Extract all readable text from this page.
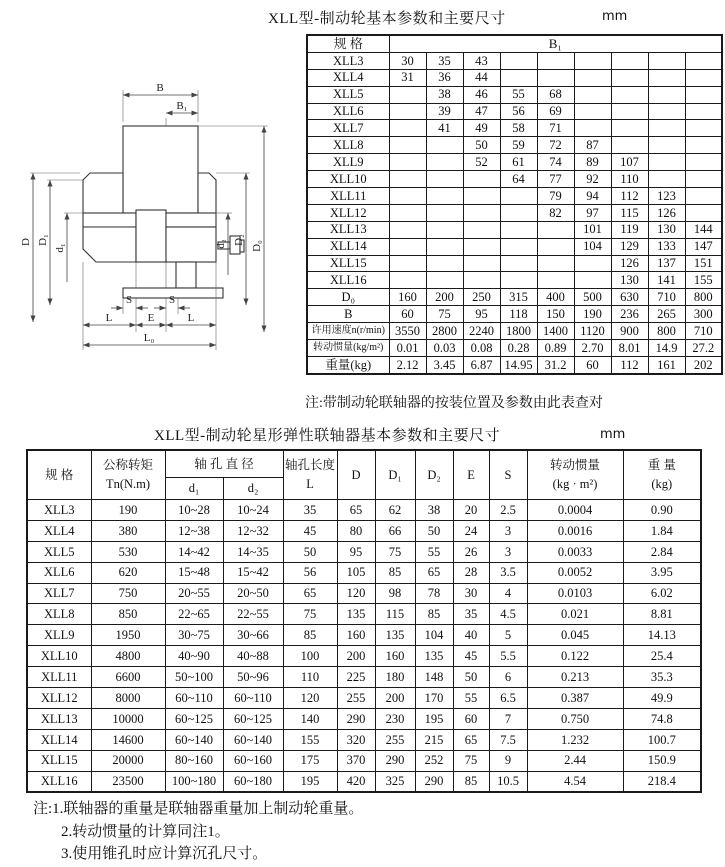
XLL型-制动轮基本参数和主要尺寸	mm
B
B₁
D D₁
d₁	d₂ D₂
D₀
S	S
L	E	L
L₀
规 格	B₁								
XLL3	30	35	43						
XLL4	31	36	44						
XLL5		38	46	55	68				
XLL6		39	47	56	69				
XLL7		41	49	58	71				
XLL8			50	59	72	87			
XLL9			52	61	74	89	107		
XLL10				64	77	92	110		
XLL11					79	94	112	123	
XLL12					82	97	115	126	
XLL13						101	119	130	144
XLL14						104	129	133	147
XLL15							126	137	151
XLL16							130	141	155
D₀	160	200	250	315	400	500	630	710	800
B	60	75	95	118	150	190	236	265	300
许用速度n(r/min)	3550	2800	2240	1800	1400	1120	900	800	710
转动惯量(kg/m²)	0.01	0.03	0.08	0.28	0.89	2.70	8.01	14.9	27.2
重量(kg)	2.12	3.45	6.87	14.95	31.2	60	112	161	202
注:带制动轮联轴器的按装位置及参数由此表查对
XLL型-制动轮星形弹性联轴器基本参数和主要尺寸	mm
规 格	
公称转矩
Tn(N.m)
	轴 孔 直 径	轴孔长度
L
	D	D₁	D₂	E	S	
转动惯量
(kg · m²)

重 量
(kg)

		d₁	d₂								
XLL3	190	10~28	10~24	35	65	62	38	20	2.5	0.0004	0.90
XLL4	380	12~38	12~32	45	80	66	50	24	3	0.0016	1.84
XLL5	530	14~42	14~35	50	95	75	55	26	3	0.0033	2.84
XLL6	620	15~48	15~42	56	105	85	65	28	3.5	0.0052	3.95
XLL7	750	20~55	20~50	65	120	98	78	30	4	0.0103	6.02
XLL8	850	22~65	22~55	75	135	115	85	35	4.5	0.021	8.81
XLL9	1950	30~75	30~66	85	160	135	104	40	5	0.045	14.13
XLL10	4800	40~90	40~88	100	200	160	135	45	5.5	0.122	25.4
XLL11	6600	50~100	50~96	110	225	180	148	50	6	0.213	35.3
XLL12	8000	60~110	60~110	120	255	200	170	55	6.5	0.387	49.9
XLL13	10000	60~125	60~125	140	290	230	195	60	7	0.750	74.8
XLL14	14600	60~140	60~140	155	320	255	215	65	7.5	1.232	100.7
XLL15	20000	80~160	60~160	175	370	290	252	75	9	2.44	150.9
XLL16	23500	100~180	60~180	195	420	325	290	85	10.5	4.54	218.4
注:1.联轴器的重量是联轴器重量加上制动轮重量。
2.转动惯量的计算同注1。
3.使用锥孔时应计算沉孔尺寸。
